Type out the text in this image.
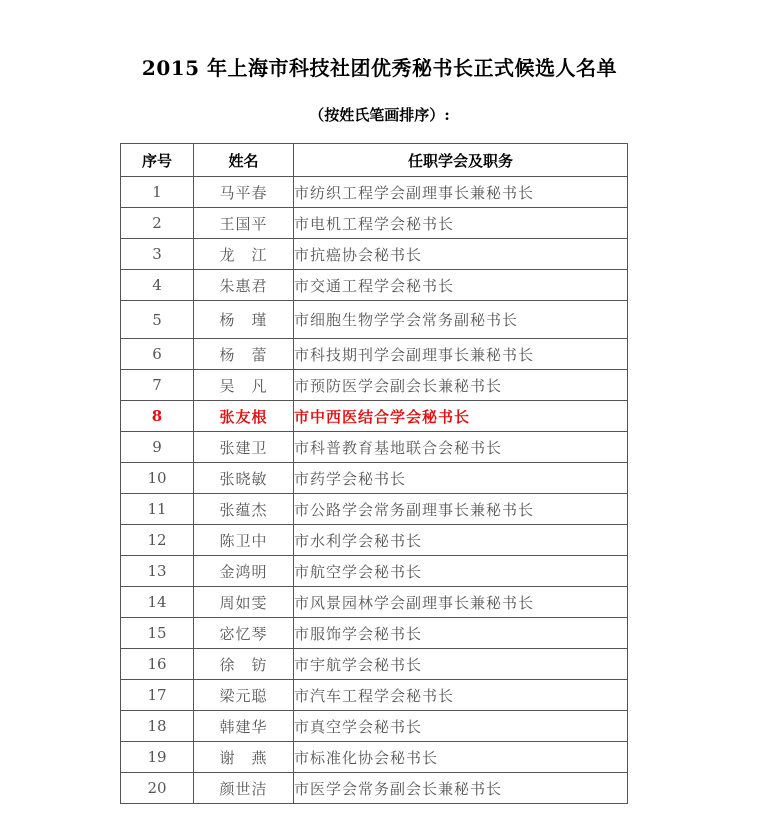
2015 年上海市科技社团优秀秘书长正式候选人名单
（按姓氏笔画排序）:
序号	姓名	任职学会及职务
1	马平春	市纺织工程学会副理事长兼秘书长
2	王国平	市电机工程学会秘书长
3	龙　江	市抗癌协会秘书长
4	朱惠君	市交通工程学会秘书长
5	杨　瑾	市细胞生物学学会常务副秘书长
6	杨　蕾	市科技期刊学会副理事长兼秘书长
7	吴　凡	市预防医学会副会长兼秘书长
8	张友根	市中西医结合学会秘书长
9	张建卫	市科普教育基地联合会秘书长
10	张晓敏	市药学会秘书长
11	张蕴杰	市公路学会常务副理事长兼秘书长
12	陈卫中	市水利学会秘书长
13	金鸿明	市航空学会秘书长
14	周如雯	市风景园林学会副理事长兼秘书长
15	宓忆琴	市服饰学会秘书长
16	徐　钫	市宇航学会秘书长
17	梁元聪	市汽车工程学会秘书长
18	韩建华	市真空学会秘书长
19	谢　燕	市标准化协会秘书长
20	颜世洁	市医学会常务副会长兼秘书长
